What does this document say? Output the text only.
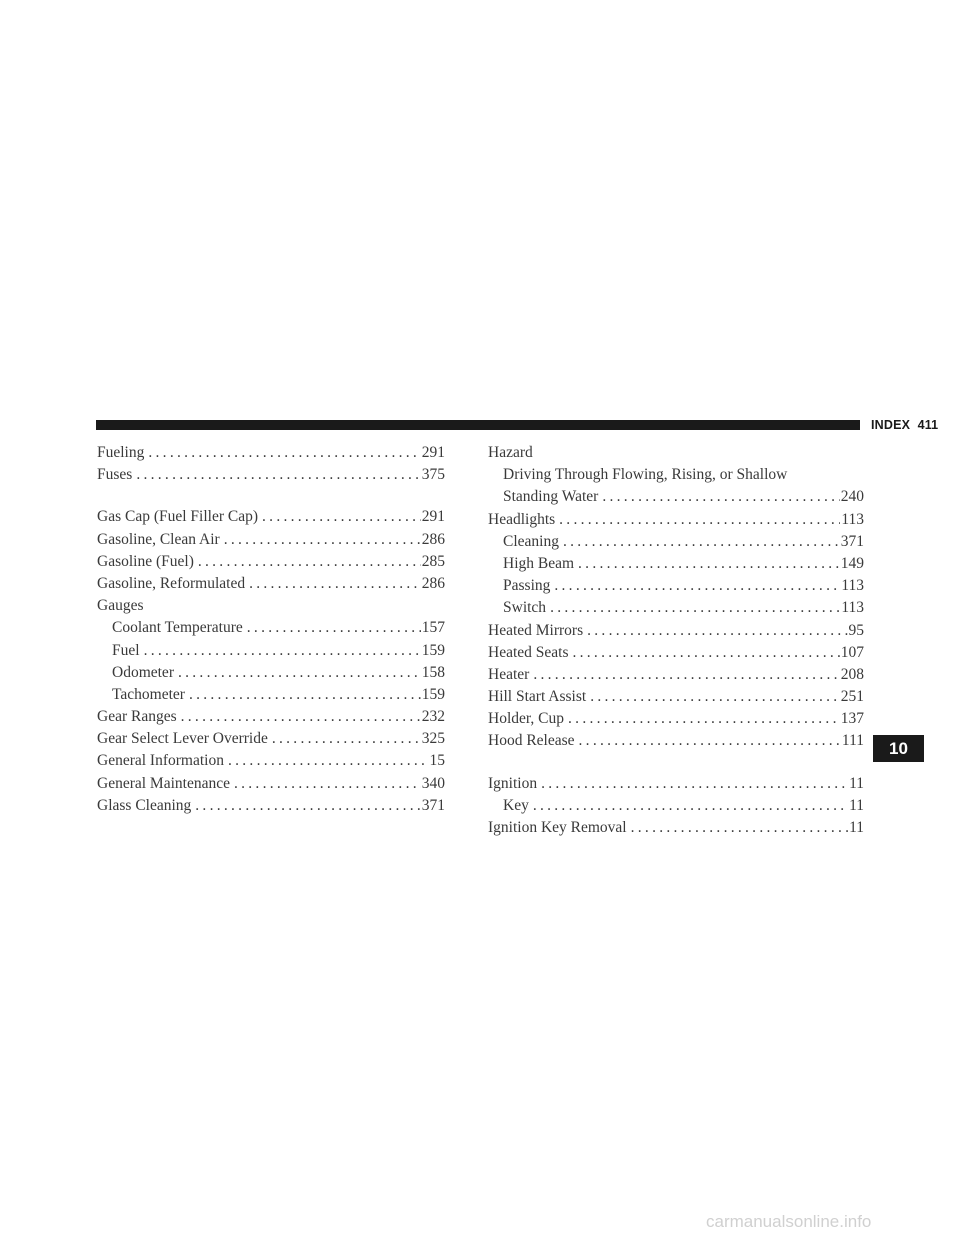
INDEX 411
Fueling . . .	291
Fuses . . .	375
Gas Cap (Fuel Filler Cap) . . .	291
Gasoline, Clean Air . . .	286
Gasoline (Fuel) . . .	285
Gasoline, Reformulated . . .	286
Gauges
Coolant Temperature . . .	157
Fuel . . .	159
Odometer . . .	158
Tachometer . . .	159
Gear Ranges . . .	232
Gear Select Lever Override . . .	325
General Information . . .	15
General Maintenance . . .	340
Glass Cleaning . . .	371
Hazard
Driving Through Flowing, Rising, or Shallow
Standing Water . . .	240
Headlights . . .	113
Cleaning . . .	371
High Beam . . .	149
Passing . . .	113
Switch . . .	113
Heated Mirrors . . .	95
Heated Seats . . .	107
Heater . . .	208
Hill Start Assist . . .	251
Holder, Cup . . .	137
Hood Release . . .	111
Ignition . . .	11
Key . . .	11
Ignition Key Removal . . .	11
10
carmanualsonline.info
